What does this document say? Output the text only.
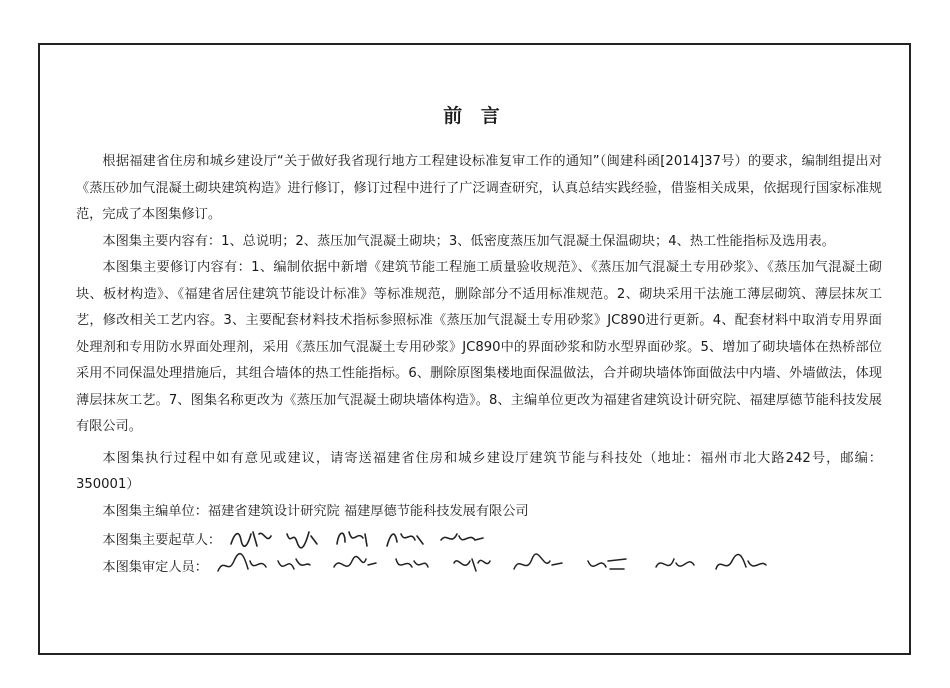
前 言

根据福建省住房和城乡建设厅“关于做好我省现行地方工程建设标准复审工作的通知”（闽建科函[2014]37号）的要求，编制组提出对《蒸压砂加气混凝土砌块建筑构造》进行修订，修订过程中进行了广泛调查研究，认真总结实践经验，借鉴相关成果，依据现行国家标准规范，完成了本图集修订。

本图集主要内容有：1、总说明；2、蒸压加气混凝土砌块；3、低密度蒸压加气混凝土保温砌块；4、热工性能指标及选用表。

本图集主要修订内容有：1、编制依据中新增《建筑节能工程施工质量验收规范》、《蒸压加气混凝土专用砂浆》、《蒸压加气混凝土砌块、板材构造》、《福建省居住建筑节能设计标准》等标准规范，删除部分不适用标准规范。2、砌块采用干法施工薄层砌筑、薄层抹灰工艺，修改相关工艺内容。3、主要配套材料技术指标参照标准《蒸压加气混凝土专用砂浆》JC890进行更新。4、配套材料中取消专用界面处理剂和专用防水界面处理剂，采用《蒸压加气混凝土专用砂浆》JC890中的界面砂浆和防水型界面砂浆。5、增加了砌块墙体在热桥部位采用不同保温处理措施后，其组合墙体的热工性能指标。6、删除原图集楼地面保温做法，合并砌块墙体饰面做法中内墙、外墙做法，体现薄层抹灰工艺。7、图集名称更改为《蒸压加气混凝土砌块墙体构造》。8、主编单位更改为福建省建筑设计研究院、福建厚德节能科技发展有限公司。

本图集执行过程中如有意见或建议，请寄送福建省住房和城乡建设厅建筑节能与科技处（地址：福州市北大路242号，邮编：350001）

本图集主编单位：福建省建筑设计研究院 福建厚德节能科技发展有限公司

本图集主要起草人：
本图集审定人员：
